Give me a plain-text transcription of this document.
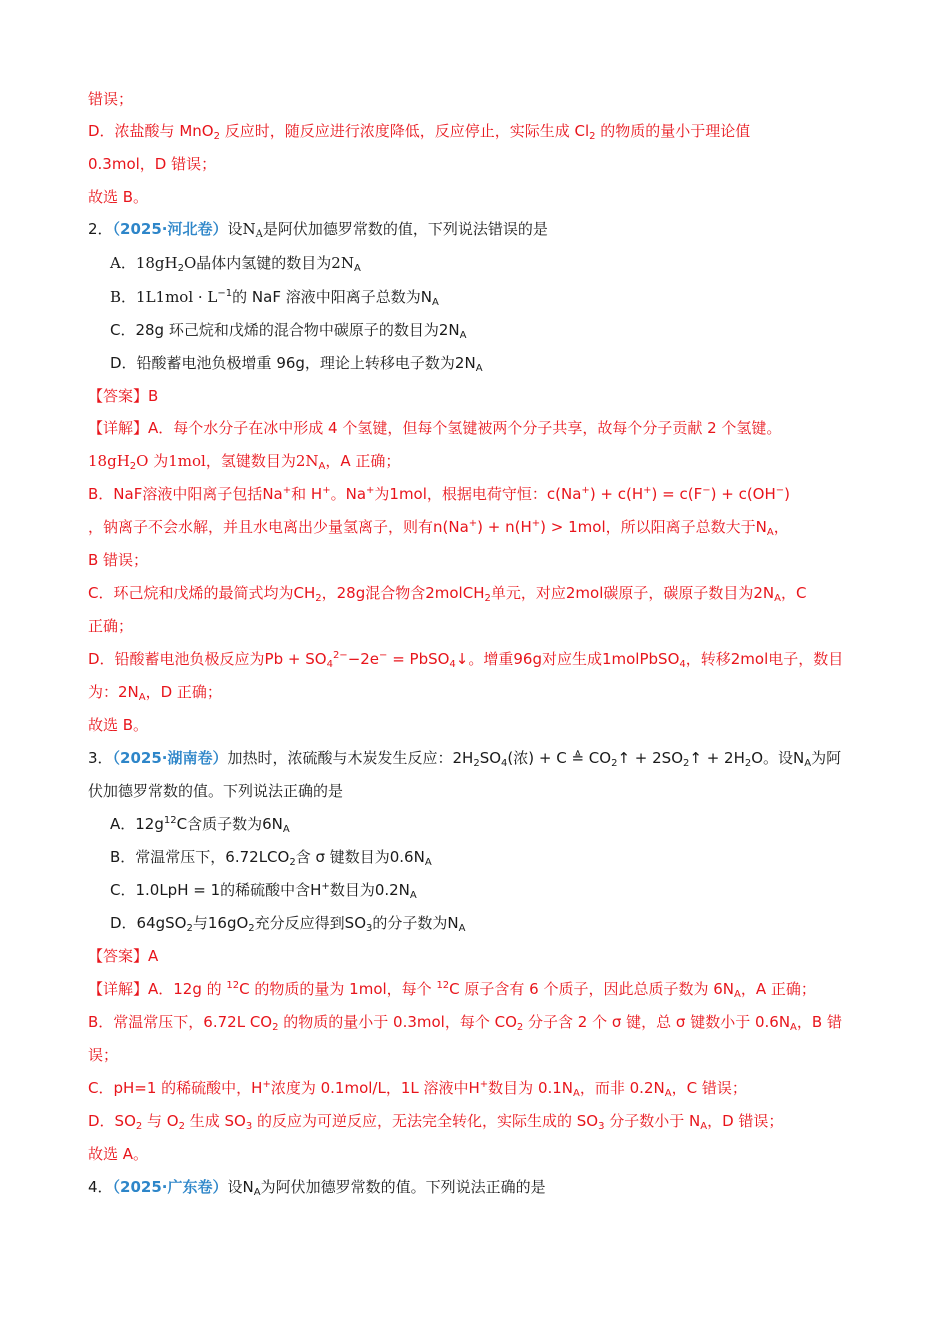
错误；
D．浓盐酸与 MnO$_2$ 反应时，随反应进行浓度降低，反应停止，实际生成 $Cl_2$ 的物质的量小于理论值
0.3mol，D 错误；
故选 B。
2．（2025·河北卷）设$N_A$是阿伏加德罗常数的值，下列说法错误的是
A．$18gH_2O$晶体内氢键的数目为$2N_A$
B．$1L1mol \cdot L^{-1}$的 NaF 溶液中阳离子总数为$N_A$
C．28g 环己烷和戊烯的混合物中碳原子的数目为$2N_A$
D．铅酸蓄电池负极增重 96g，理论上转移电子数为$2N_A$
【答案】B
【详解】A．每个水分子在冰中形成 4 个氢键，但每个氢键被两个分子共享，故每个分子贡献 2 个氢键。
$18gH_2O$ 为1mol，氢键数目为$2N_A$，A 正确；
B．NaF溶液中阳离子包括Na+和 H+。Na+为1mol，根据电荷守恒：c(Na+) + c(H+) = c(F−) + c(OH−)
，钠离子不会水解，并且水电离出少量氢离子，则有n(Na+) + n(H+) > 1mol，所以阳离子总数大于$N_A$，
B 错误；
C．环己烷和戊烯的最简式均为$CH_2$，28g混合物含2molCH$_2$单元，对应2mol碳原子，碳原子数目为$2N_A$，C
正确；
D．铅酸蓄电池负极反应为$Pb + SO_4^{2-}-2e^-$ = PbSO$_4$↓。增重96g对应生成1molPbSO$_4$，转移2mol电子，数目
为：$2N_A$，D 正确；
故选 B。
3．（2025·湖南卷）加热时，浓硫酸与木炭发生反应：$2H_2SO_4$(浓) + C ≜ $CO_2↑$ + $2SO_2↑ + 2H_2O$。设$N_A$为阿
伏加德罗常数的值。下列说法正确的是
A．$12g^{12}C$含质子数为$6N_A$
B．常温常压下，$6.72LCO_2$含 σ 键数目为$0.6N_A$
C．1.0LpH = 1的稀硫酸中含H+数目为$0.2N_A$
D．64gSO$_2$与$16gO_2$充分反应得到$SO_3$的分子数为$N_A$
【答案】A
【详解】A．12g 的 $^{12}$C 的物质的量为 1mol，每个 $^{12}$C 原子含有 6 个质子，因此总质子数为 $6N_A$，A 正确；
B．常温常压下，6.72L $CO_2$ 的物质的量小于 0.3mol，每个 $CO_2$ 分子含 2 个 σ 键，总 σ 键数小于 $0.6N_A$，B 错
误；
C．pH=1 的稀硫酸中，H+浓度为 0.1mol/L，1L 溶液中H+数目为 $0.1N_A$，而非 $0.2N_A$，C 错误；
D．$SO_2$ 与 $O_2$ 生成 $SO_3$ 的反应为可逆反应，无法完全转化，实际生成的 $SO_3$ 分子数小于 $N_A$，D 错误；
故选 A。
4．（2025·广东卷）设$N_A$为阿伏加德罗常数的值。下列说法正确的是
